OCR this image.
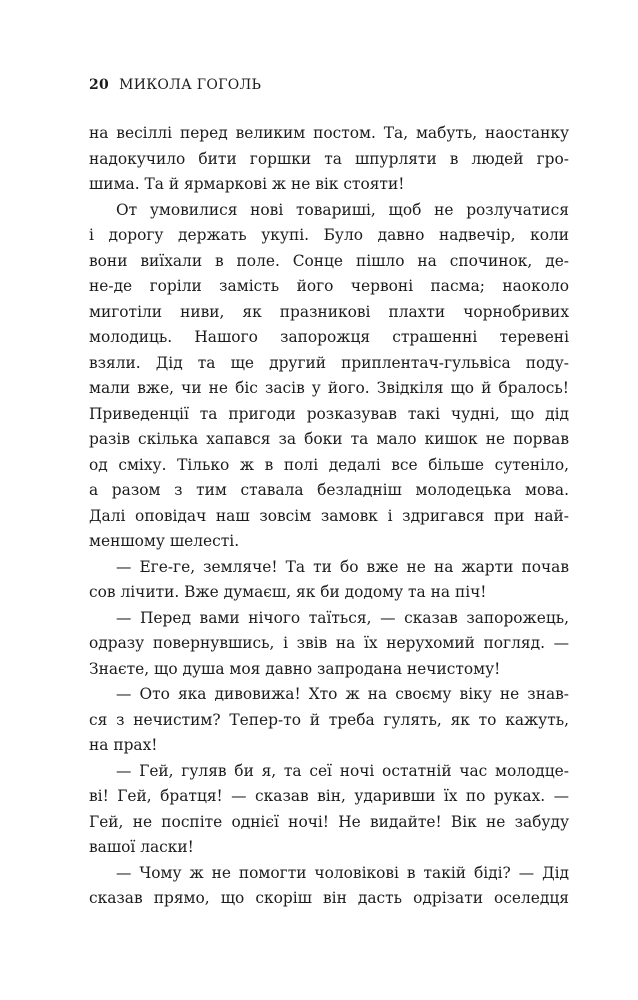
20 МИКОЛА ГОГОЛЬ
на весіллі перед великим постом. Та, мабуть, наостанку
надокучило бити горшки та шпурляти в людей гро-
шима. Та й ярмаркові ж не вік стояти!
От умовилися нові товариші, щоб не розлучатися
і дорогу держать укупі. Було давно надвечір, коли
вони виїхали в поле. Сонце пішло на спочинок, де-
не-де горіли замість його червоні пасма; наоколо
миготіли ниви, як празникові плахти чорнобривих
молодиць. Нашого запорожця страшенні теревені
взяли. Дід та ще другий приплентач-гульвіса поду-
мали вже, чи не біс засів у його. Звідкіля що й бралось!
Приведенції та пригоди розказував такі чудні, що дід
разів скількa хапався за боки та мало кишок не порвав
од сміху. Тілько ж в полі дедалі все більше сутеніло,
а разом з тим ставала безладніш молодецька мова.
Далі оповідач наш зовсім замовк і здригався при най-
меншому шелесті.
— Еге-ге, земляче! Та ти бо вже не на жарти почав
сов лічити. Вже думаєш, як би додому та на піч!
— Перед вами нічого таїться, — сказав запорожець,
одразу повернувшись, і звів на їх нерухомий погляд. —
Знаєте, що душа моя давно запродана нечистому!
— Ото яка дивовижа! Хто ж на своєму віку не знав-
ся з нечистим? Тепер-то й треба гулять, як то кажуть,
на прах!
— Гей, гуляв би я, та сеї ночі остатній час молодце-
ві! Гей, братця! — сказав він, ударивши їх по руках. —
Гей, не поспіте однієї ночі! Не видайте! Вік не забуду
вашої ласки!
— Чому ж не помогти чоловікові в такій біді? — Дід
сказав прямо, що скоріш він дасть одрізати оселедця
